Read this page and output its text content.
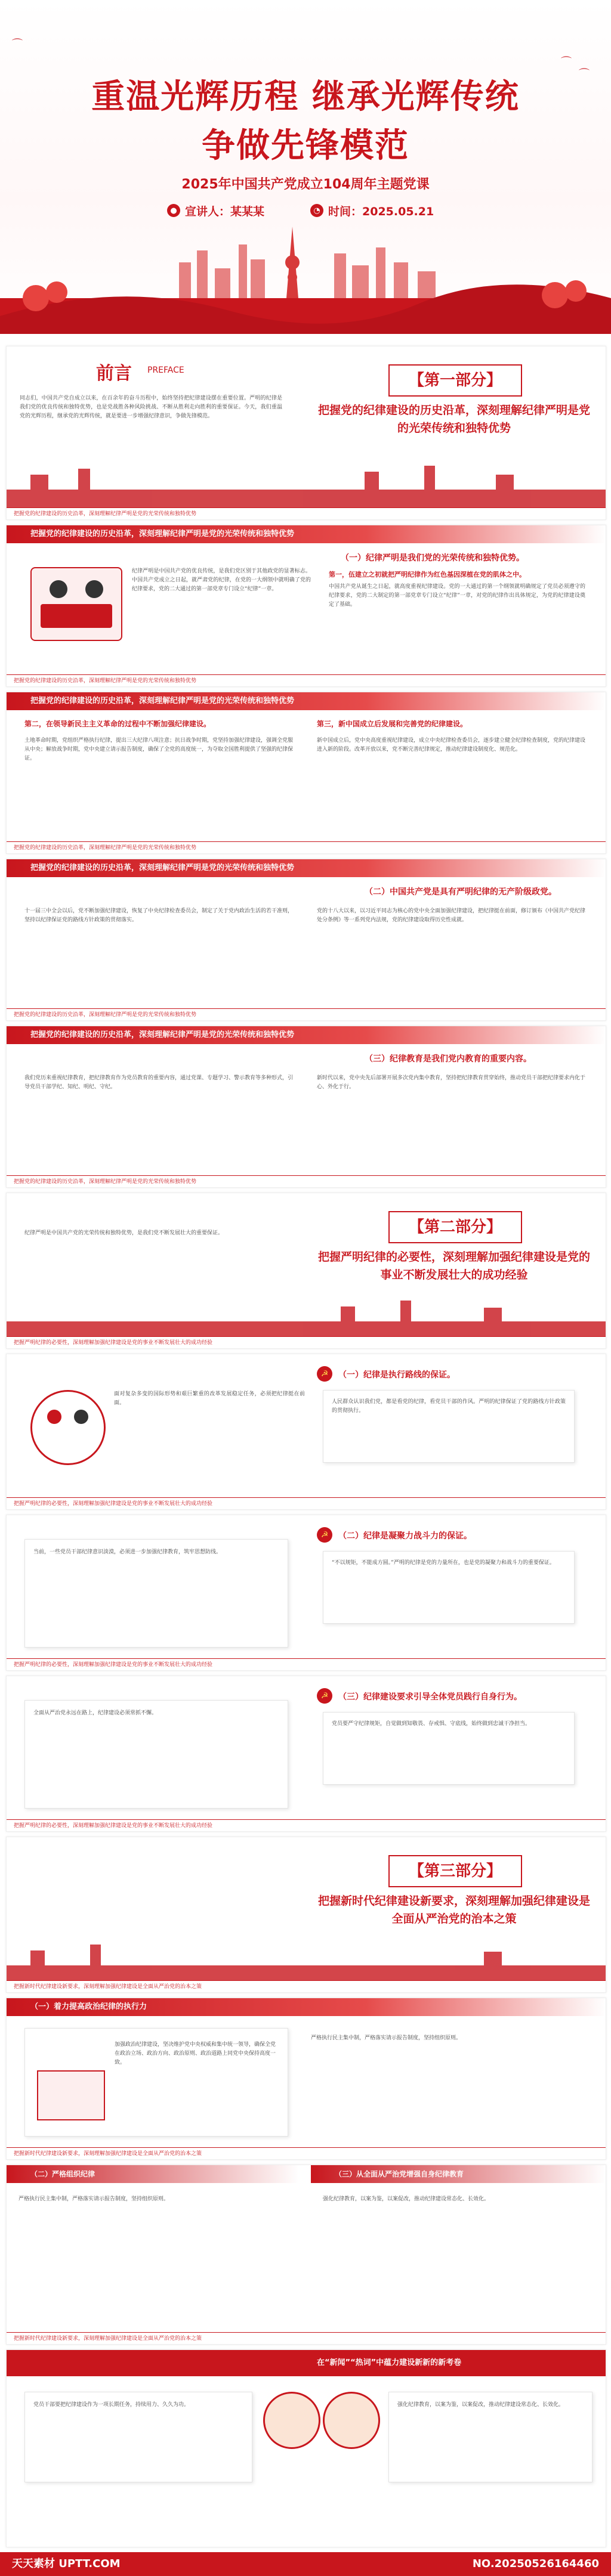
⌒
⌒
⌒
重温光辉历程 继承光辉传统
争做先锋模范
2025年中国共产党成立104周年主题党课
● 宣讲人：某某某	◔ 时间：2025.05.21
前言 PREFACE
同志们，中国共产党自成立以来，在百余年的奋斗历程中，始终坚持把纪律建设摆在重要位置。严明的纪律是我们党的优良传统和独特优势，也是党战胜各种风险挑战、不断从胜利走向胜利的重要保证。今天，我们重温党的光辉历程，继承党的光辉传统，就是要进一步增强纪律意识，争做先锋模范。
【第一部分】
把握党的纪律建设的历史沿革，深刻理解纪律严明是党的光荣传统和独特优势
把握党的纪律建设的历史沿革，深刻理解纪律严明是党的光荣传统和独特优势
把握党的纪律建设的历史沿革，深刻理解纪律严明是党的光荣传统和独特优势
（一）纪律严明是我们党的光荣传统和独特优势。
纪律严明是中国共产党的优良传统，是我们党区别于其他政党的显著标志。中国共产党成立之日起，就严肃党的纪律，在党的一大纲领中就明确了党的纪律要求，党的二大通过的第一部党章专门设立“纪律”一章。
第一，伍建立之初就把严明纪律作为红色基因深植在党的肌体之中。
中国共产党从诞生之日起，就高度重视纪律建设。党的一大通过的第一个纲领就明确规定了党员必须遵守的纪律要求，党的二大制定的第一部党章专门设立“纪律”一章，对党的纪律作出具体规定，为党的纪律建设奠定了基础。
把握党的纪律建设的历史沿革，深刻理解纪律严明是党的光荣传统和独特优势
把握党的纪律建设的历史沿革，深刻理解纪律严明是党的光荣传统和独特优势
第二，在领导新民主主义革命的过程中不断加强纪律建设。	第三，新中国成立后发展和完善党的纪律建设。
土地革命时期，党组织严格执行纪律，提出三大纪律八项注意；抗日战争时期，党坚持加强纪律建设，强调全党服从中央；解放战争时期，党中央建立请示报告制度，确保了全党的高度统一，为夺取全国胜利提供了坚强的纪律保证。
新中国成立后，党中央高度重视纪律建设，成立中央纪律检查委员会，逐步建立健全纪律检查制度，党的纪律建设进入新的阶段。改革开放以来，党不断完善纪律规定，推动纪律建设制度化、规范化。
把握党的纪律建设的历史沿革，深刻理解纪律严明是党的光荣传统和独特优势
把握党的纪律建设的历史沿革，深刻理解纪律严明是党的光荣传统和独特优势
（二）中国共产党是具有严明纪律的无产阶级政党。
十一届三中全会以后，党不断加强纪律建设，恢复了中央纪律检查委员会，制定了关于党内政治生活的若干准则，坚持以纪律保证党的路线方针政策的贯彻落实。
党的十八大以来，以习近平同志为核心的党中央全面加强纪律建设，把纪律挺在前面，修订颁布《中国共产党纪律处分条例》等一系列党内法规，党的纪律建设取得历史性成就。
把握党的纪律建设的历史沿革，深刻理解纪律严明是党的光荣传统和独特优势
把握党的纪律建设的历史沿革，深刻理解纪律严明是党的光荣传统和独特优势
（三）纪律教育是我们党内教育的重要内容。
我们党历来重视纪律教育，把纪律教育作为党员教育的重要内容，通过党课、专题学习、警示教育等多种形式，引导党员干部学纪、知纪、明纪、守纪。
新时代以来，党中央先后部署开展多次党内集中教育，坚持把纪律教育贯穿始终，推动党员干部把纪律要求内化于心、外化于行。
把握党的纪律建设的历史沿革，深刻理解纪律严明是党的光荣传统和独特优势
【第二部分】
把握严明纪律的必要性，深刻理解加强纪律建设是党的事业不断发展壮大的成功经验
纪律严明是中国共产党的光荣传统和独特优势，是我们党不断发展壮大的重要保证。
把握严明纪律的必要性，深刻理解加强纪律建设是党的事业不断发展壮大的成功经验
☭	（一）纪律是执行路线的保证。
人民群众认识我们党，都是看党的纪律，看党员干部的作风。严明的纪律保证了党的路线方针政策的贯彻执行。
面对复杂多变的国际形势和艰巨繁重的改革发展稳定任务，必须把纪律挺在前面。
把握严明纪律的必要性，深刻理解加强纪律建设是党的事业不断发展壮大的成功经验
☭	（二）纪律是凝聚力战斗力的保证。
“不以规矩，不能成方圆。”严明的纪律是党的力量所在，也是党的凝聚力和战斗力的重要保证。
当前，一些党员干部纪律意识淡漠，必须进一步加强纪律教育，筑牢思想防线。
把握严明纪律的必要性，深刻理解加强纪律建设是党的事业不断发展壮大的成功经验
☭	（三）纪律建设要求引导全体党员践行自身行为。
党员要严守纪律规矩，自觉做到知敬畏、存戒惧、守底线，始终做到忠诚干净担当。
全面从严治党永远在路上，纪律建设必须常抓不懈。
把握严明纪律的必要性，深刻理解加强纪律建设是党的事业不断发展壮大的成功经验
【第三部分】
把握新时代纪律建设新要求，深刻理解加强纪律建设是全面从严治党的治本之策
把握新时代纪律建设新要求，深刻理解加强纪律建设是全面从严治党的治本之策
（一）着力提高政治纪律的执行力
加强政治纪律建设，坚决维护党中央权威和集中统一领导，确保全党在政治立场、政治方向、政治原则、政治道路上同党中央保持高度一致。
严格执行民主集中制，严格落实请示报告制度，坚持组织原则。
把握新时代纪律建设新要求，深刻理解加强纪律建设是全面从严治党的治本之策
（二）严格组织纪律	（三）从全面从严治党增强自身纪律教育
严格执行民主集中制，严格落实请示报告制度，坚持组织原则。	强化纪律教育，以案为鉴，以案促改，推动纪律建设常态化、长效化。
把握新时代纪律建设新要求，深刻理解加强纪律建设是全面从严治党的治本之策
在“新闻”“热词”中蕴力建设新新的新考卷
党员干部要把纪律建设作为一项长期任务，持续用力、久久为功。	强化纪律教育，以案为鉴，以案促改，推动纪律建设常态化、长效化。
天天素材 UPTT.COM	NO.20250526164460
